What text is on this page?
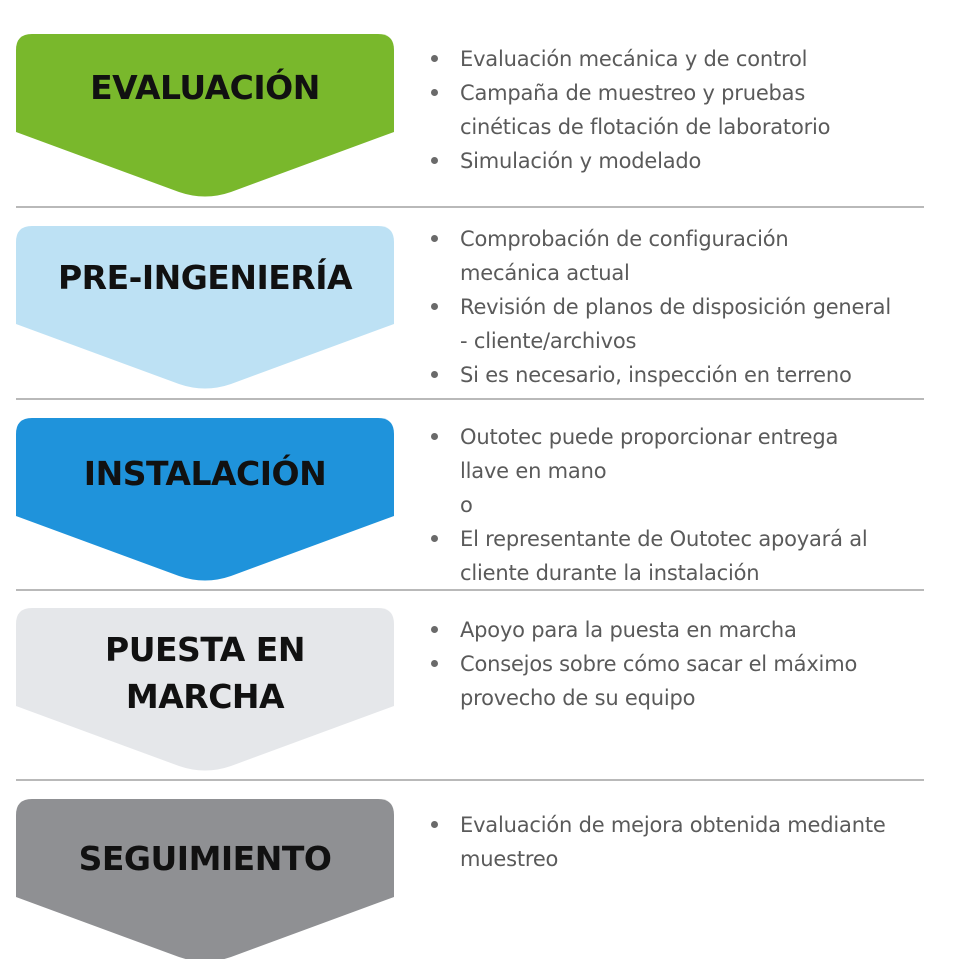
EVALUACIÓN
Evaluación mecánica y de control
Campaña de muestreo y pruebas
cinéticas de flotación de laboratorio
Simulación y modelado
PRE-INGENIERÍA
Comprobación de configuración
mecánica actual
Revisión de planos de disposición general
- cliente/archivos
Si es necesario, inspección en terreno
INSTALACIÓN
Outotec puede proporcionar entrega
llave en mano
o
El representante de Outotec apoyará al
cliente durante la instalación
PUESTA EN
MARCHA
Apoyo para la puesta en marcha
Consejos sobre cómo sacar el máximo
provecho de su equipo
SEGUIMIENTO
Evaluación de mejora obtenida mediante
muestreo
